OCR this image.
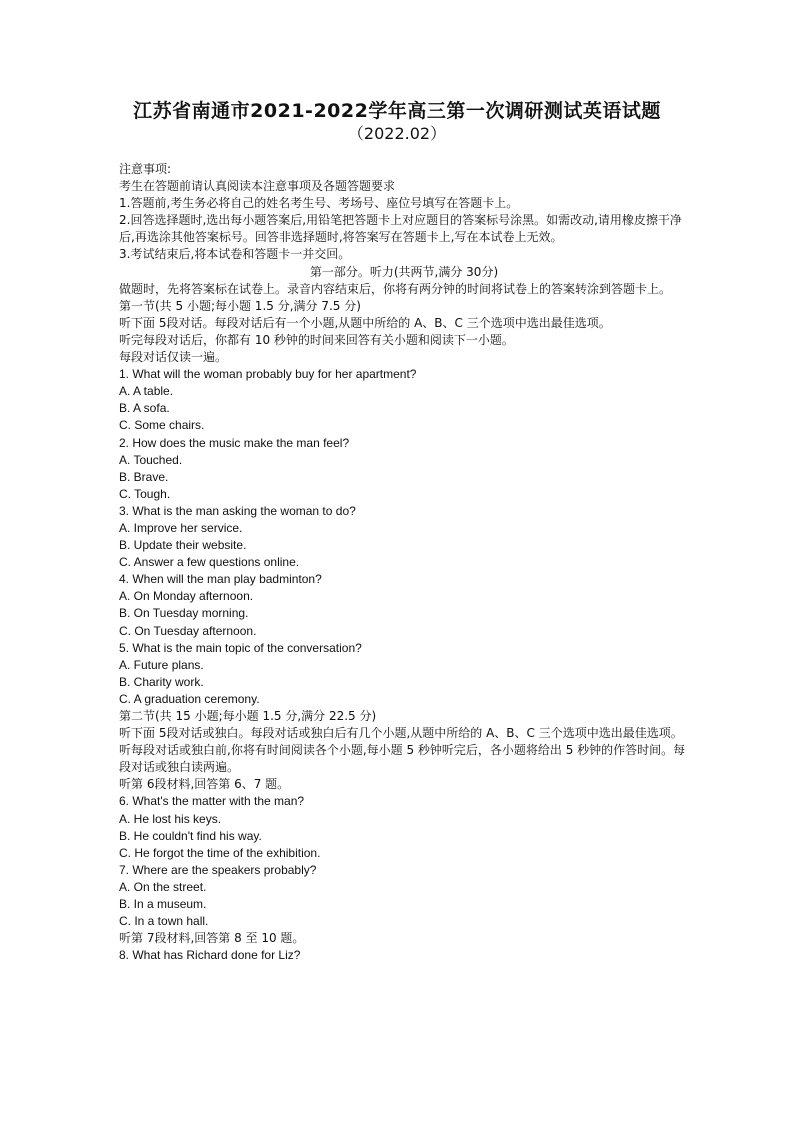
江苏省南通市2021-2022学年高三第一次调研测试英语试题
（2022.02）
注意事项:
考生在答题前请认真阅读本注意事项及各题答题要求
1.答题前,考生务必将自己的姓名考生号、考场号、座位号填写在答题卡上。
2.回答选择题时,选出每小题答案后,用铅笔把答题卡上对应题目的答案标号涂黑。如需改动,请用橡皮擦干净后,再选涂其他答案标号。回答非选择题时,将答案写在答题卡上,写在本试卷上无效。
3.考试结束后,将本试卷和答题卡一并交回。
第一部分。听力(共两节,满分 30分)
做题时，先将答案标在试卷上。录音内容结束后，你将有两分钟的时间将试卷上的答案转涂到答题卡上。
第一节(共 5 小题;每小题 1.5 分,满分 7.5 分)
听下面 5段对话。每段对话后有一个小题,从题中所给的 A、B、C 三个选项中选出最佳选项。
听完每段对话后，你都有 10 秒钟的时间来回答有关小题和阅读下一小题。
每段对话仅读一遍。
1. What will the woman probably buy for her apartment?
A. A table.
B. A sofa.
C. Some chairs.
2. How does the music make the man feel?
A. Touched.
B. Brave.
C. Tough.
3. What is the man asking the woman to do?
A. Improve her service.
B. Update their website.
C. Answer a few questions online.
4. When will the man play badminton?
A. On Monday afternoon.
B. On Tuesday morning.
C. On Tuesday afternoon.
5. What is the main topic of the conversation?
A. Future plans.
B. Charity work.
C. A graduation ceremony.
第二节(共 15 小题;每小题 1.5 分,满分 22.5 分)
听下面 5段对话或独白。每段对话或独白后有几个小题,从题中所给的 A、B、C 三个选项中选出最佳选项。听每段对话或独白前,你将有时间阅读各个小题,每小题 5 秒钟听完后，各小题将给出 5 秒钟的作答时间。每段对话或独白读两遍。
听第 6段材料,回答第 6、7 题。
6. What's the matter with the man?
A. He lost his keys.
B. He couldn't find his way.
C. He forgot the time of the exhibition.
7. Where are the speakers probably?
A. On the street.
B. In a museum.
C. In a town hall.
听第 7段材料,回答第 8 至 10 题。
8. What has Richard done for Liz?
